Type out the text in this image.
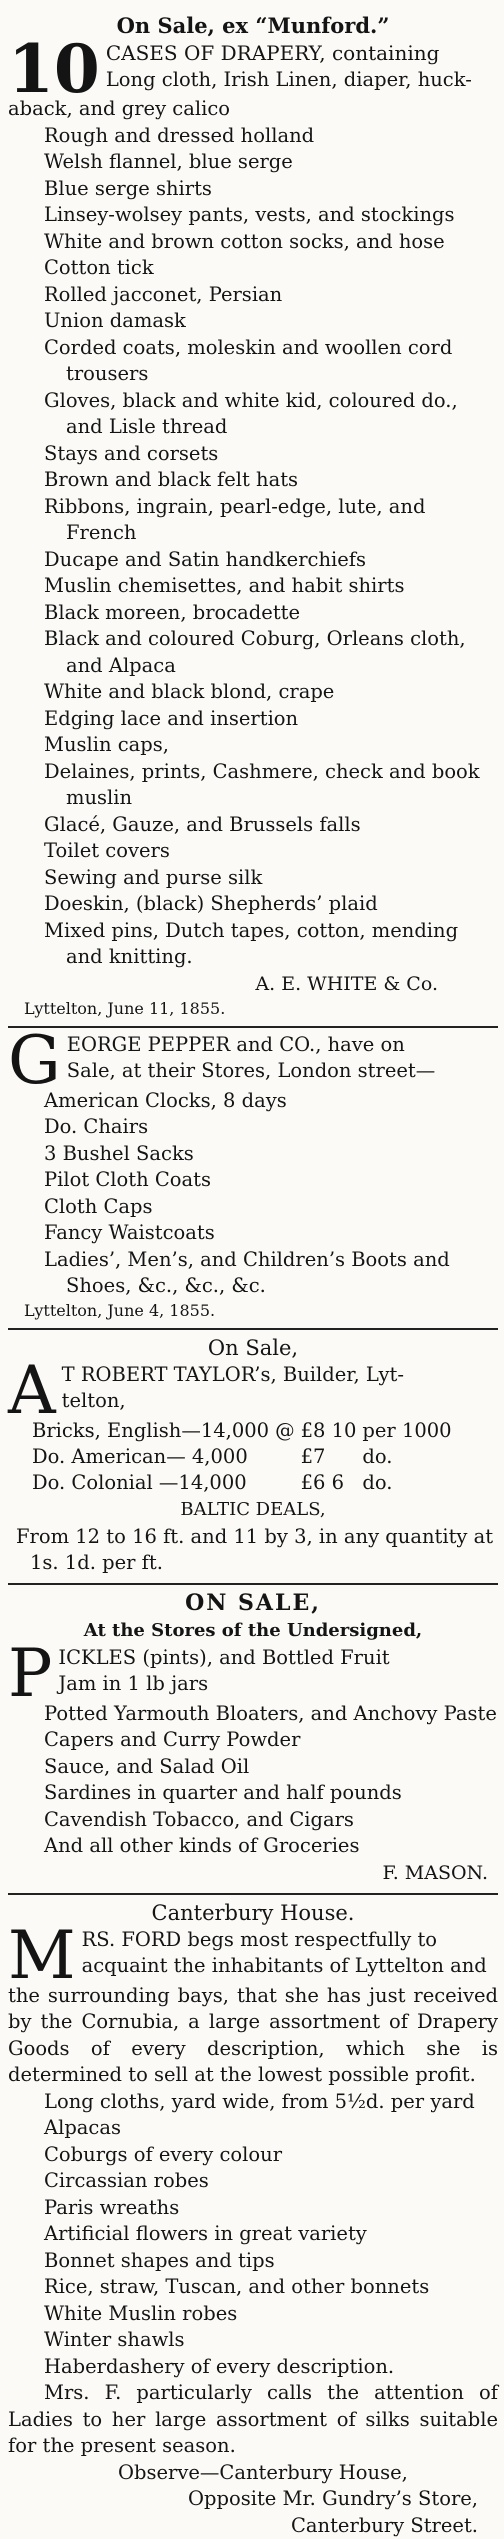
On Sale, ex “Munford.”
10 CASES OF DRAPERY, containing

Long cloth, Irish Linen, diaper, huck-

aback, and grey calico

Rough and dressed holland

Welsh flannel, blue serge

Blue serge shirts

Linsey-wolsey pants, vests, and stockings

White and brown cotton socks, and hose

Cotton tick

Rolled jacconet, Persian

Union damask

Corded coats, moleskin and woollen cord trousers

Gloves, black and white kid, coloured do., and Lisle thread

Stays and corsets

Brown and black felt hats

Ribbons, ingrain, pearl-edge, lute, and French

Ducape and Satin handkerchiefs

Muslin chemisettes, and habit shirts

Black moreen, brocadette

Black and coloured Coburg, Orleans cloth, and Alpaca

White and black blond, crape

Edging lace and insertion

Muslin caps,

Delaines, prints, Cashmere, check and book muslin

Glacé, Gauze, and Brussels falls

Toilet covers

Sewing and purse silk

Doeskin, (black) Shepherds’ plaid

Mixed pins, Dutch tapes, cotton, mending and knitting.

A. E. WHITE & Co.
Lyttelton, June 11, 1855.
G EORGE PEPPER and CO., have on

Sale, at their Stores, London street—

American Clocks, 8 days

Do. Chairs

3 Bushel Sacks

Pilot Cloth Coats

Cloth Caps

Fancy Waistcoats

Ladies’, Men’s, and Children’s Boots and Shoes, &c., &c., &c.

Lyttelton, June 4, 1855.
On Sale,
A T ROBERT TAYLOR’s, Builder, Lyt-

telton,

Bricks, English—14,000	@	£8 10	per 1000
Do. American— 4,000		£7	do.
Do. Colonial —14,000		£6 6	do.
BALTIC DEALS,

From 12 to 16 ft. and 11 by 3, in any quantity at 1s. 1d. per ft.

ON SALE,
At the Stores of the Undersigned,
P ICKLES (pints), and Bottled Fruit

Jam in 1 lb jars

Potted Yarmouth Bloaters, and Anchovy Paste

Capers and Curry Powder

Sauce, and Salad Oil

Sardines in quarter and half pounds

Cavendish Tobacco, and Cigars

And all other kinds of Groceries

F. MASON.
Canterbury House.
M RS. FORD begs most respectfully to

acquaint the inhabitants of Lyttelton and

the surrounding bays, that she has just received by the Cornubia, a large assortment of Drapery Goods of every description, which she is determined to sell at the lowest possible profit.

Long cloths, yard wide, from 5½d. per yard

Alpacas

Coburgs of every colour

Circassian robes

Paris wreaths

Artificial flowers in great variety

Bonnet shapes and tips

Rice, straw, Tuscan, and other bonnets

White Muslin robes

Winter shawls

Haberdashery of every description.

Mrs. F. particularly calls the attention of Ladies to her large assortment of silks suitable for the present season.

Observe—Canterbury House,

Opposite Mr. Gundry’s Store,

Canterbury Street.
